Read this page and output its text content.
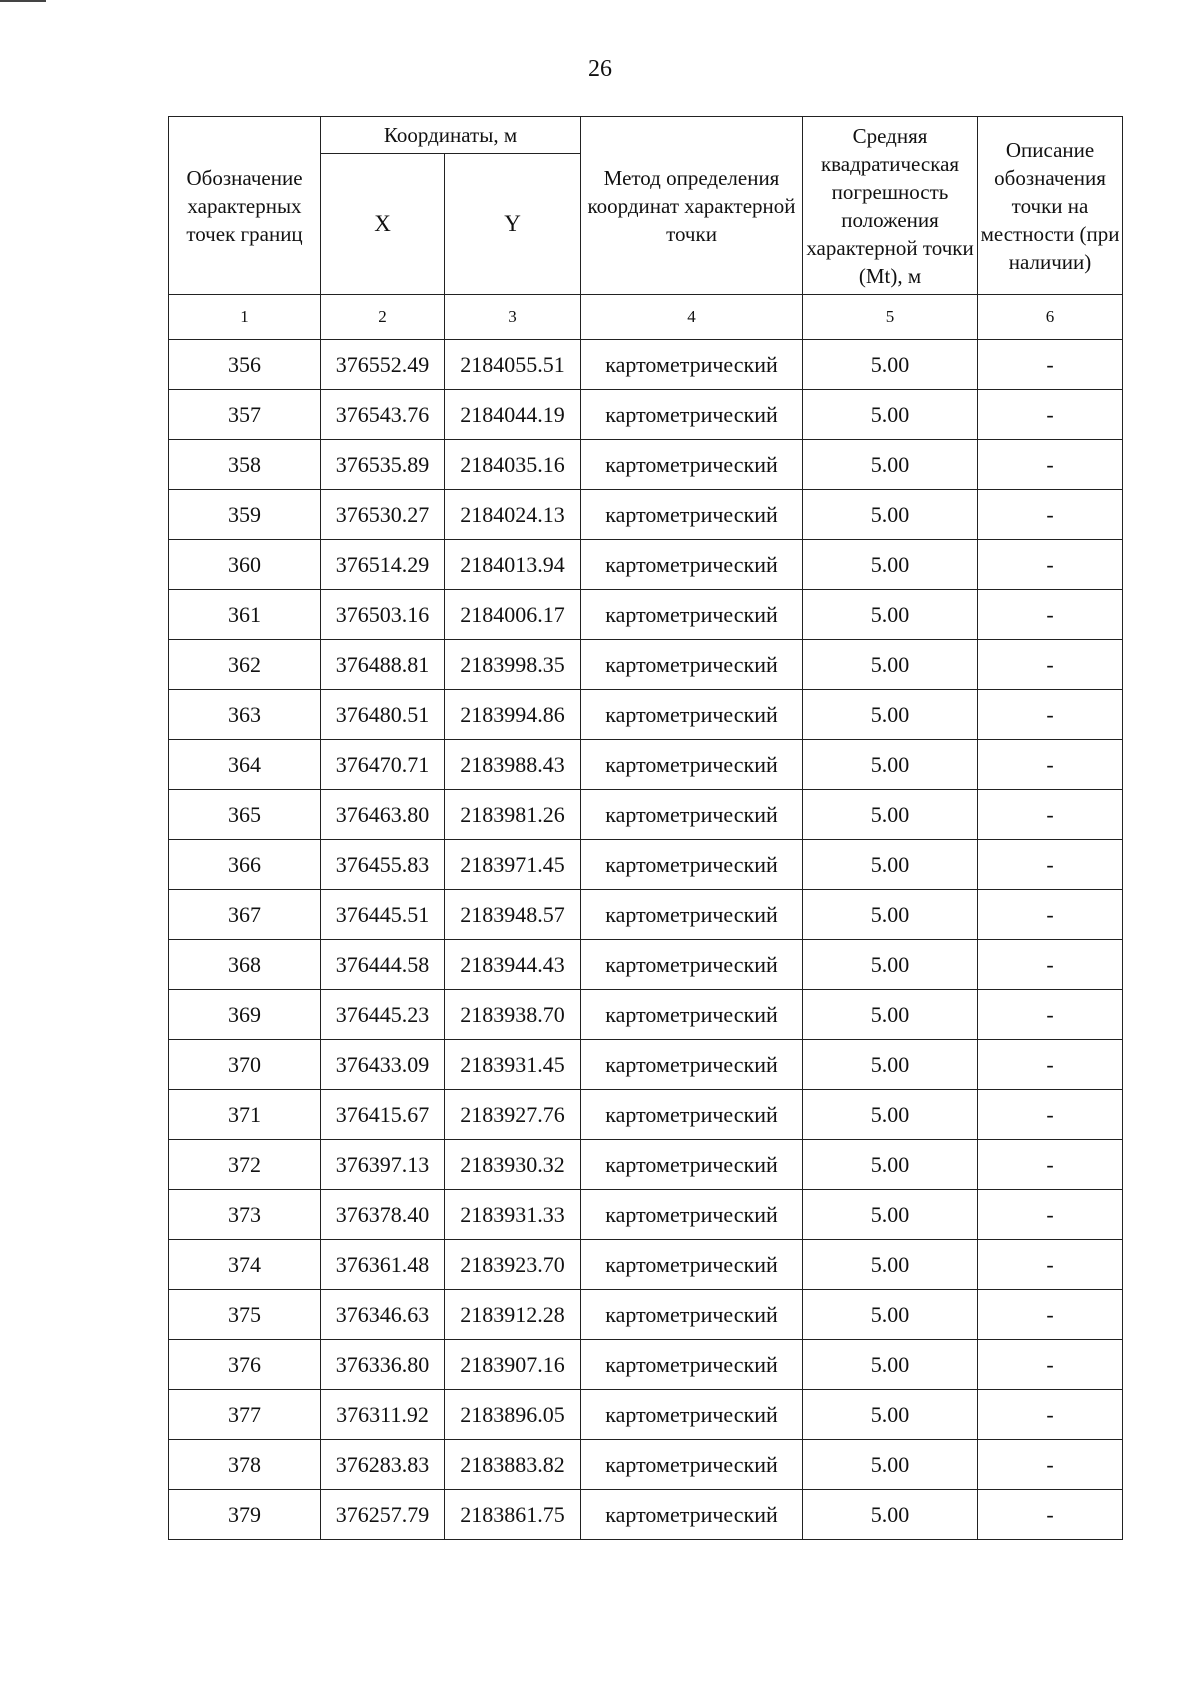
26
Обозначение характерных точек границ	Координаты, м		Метод определения координат характерной точки	Средняя квадратическая погрешность положения характерной точки (Mt), м	Описание обозначения точки на местности (при наличии)
	X	Y			
1	2	3	4	5	6
356	376552.49	2184055.51	картометрический	5.00	-
357	376543.76	2184044.19	картометрический	5.00	-
358	376535.89	2184035.16	картометрический	5.00	-
359	376530.27	2184024.13	картометрический	5.00	-
360	376514.29	2184013.94	картометрический	5.00	-
361	376503.16	2184006.17	картометрический	5.00	-
362	376488.81	2183998.35	картометрический	5.00	-
363	376480.51	2183994.86	картометрический	5.00	-
364	376470.71	2183988.43	картометрический	5.00	-
365	376463.80	2183981.26	картометрический	5.00	-
366	376455.83	2183971.45	картометрический	5.00	-
367	376445.51	2183948.57	картометрический	5.00	-
368	376444.58	2183944.43	картометрический	5.00	-
369	376445.23	2183938.70	картометрический	5.00	-
370	376433.09	2183931.45	картометрический	5.00	-
371	376415.67	2183927.76	картометрический	5.00	-
372	376397.13	2183930.32	картометрический	5.00	-
373	376378.40	2183931.33	картометрический	5.00	-
374	376361.48	2183923.70	картометрический	5.00	-
375	376346.63	2183912.28	картометрический	5.00	-
376	376336.80	2183907.16	картометрический	5.00	-
377	376311.92	2183896.05	картометрический	5.00	-
378	376283.83	2183883.82	картометрический	5.00	-
379	376257.79	2183861.75	картометрический	5.00	-
